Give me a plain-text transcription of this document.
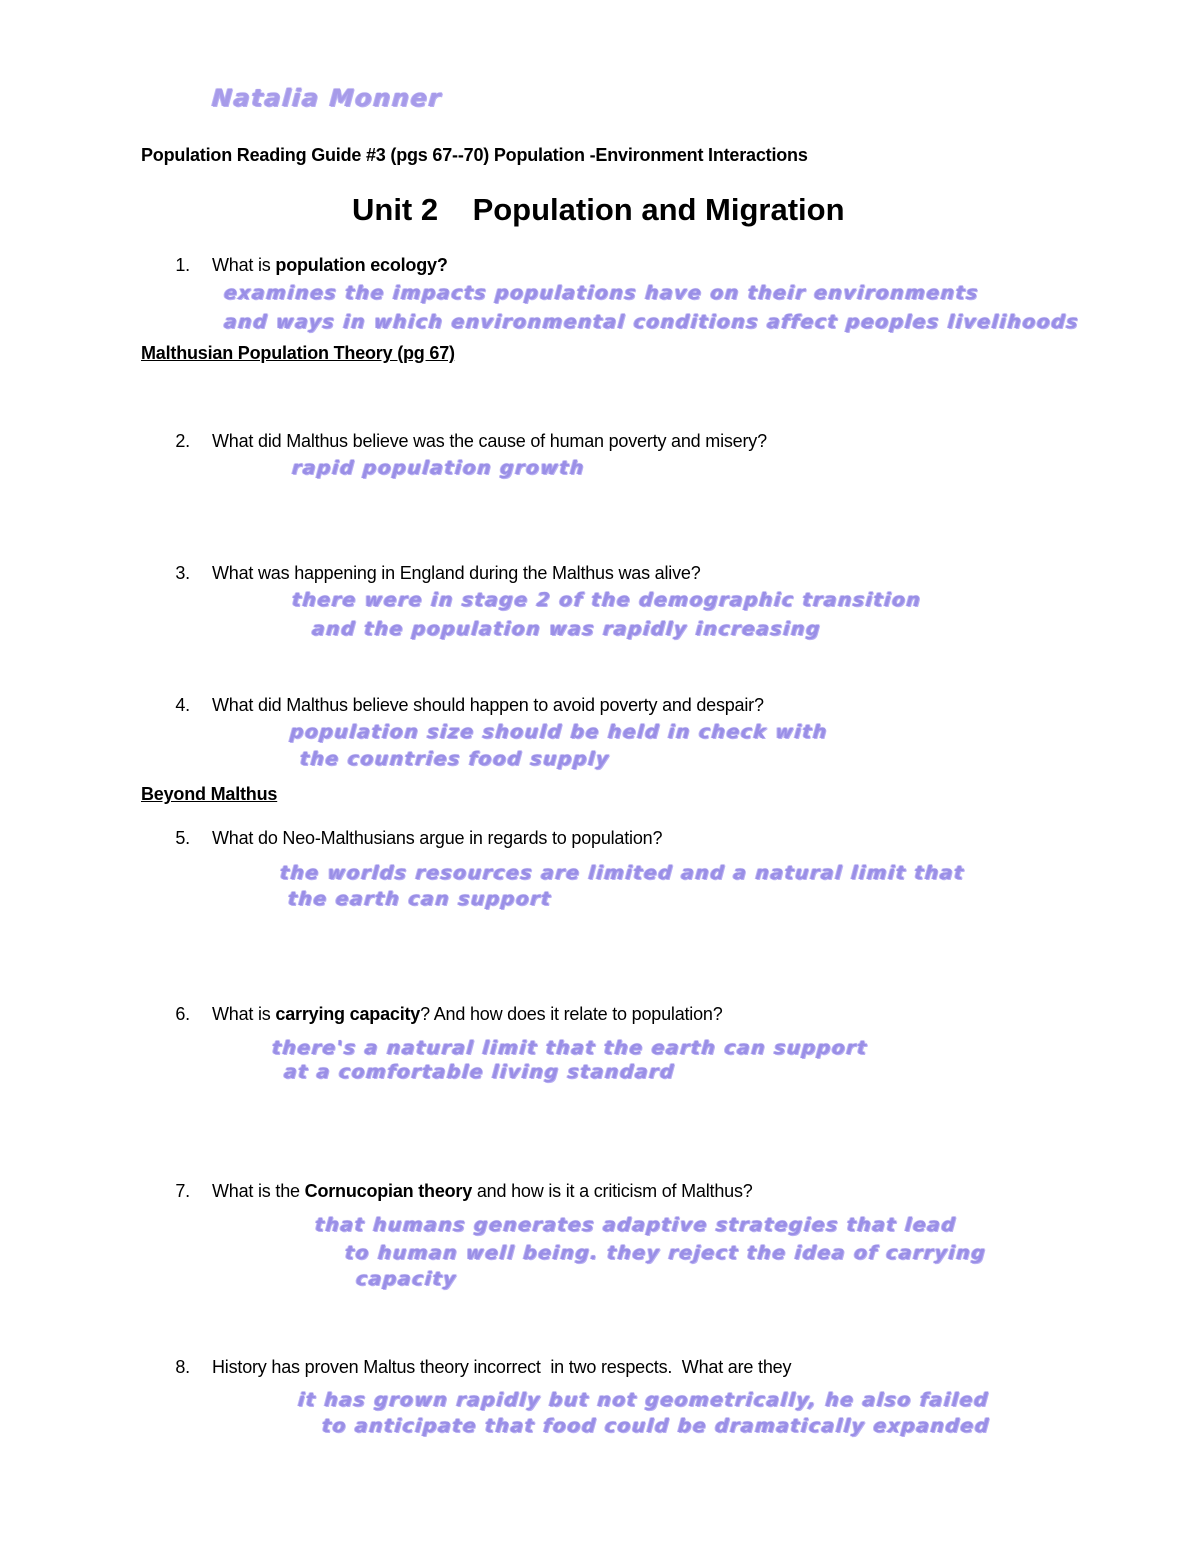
Natalia Monner
Population Reading Guide #3 (pgs 67--70) Population -Environment Interactions
Unit 2    Population and Migration
1. What is population ecology?
examines the impacts populations have on their environments
and ways in which environmental conditions affect peoples livelihoods
Malthusian Population Theory (pg 67)
2. What did Malthus believe was the cause of human poverty and misery?
rapid population growth
3. What was happening in England during the Malthus was alive?
there were in stage 2 of the demographic transition
and the population was rapidly increasing
4. What did Malthus believe should happen to avoid poverty and despair?
population size should be held in check with
the countries food supply
Beyond Malthus
5. What do Neo-Malthusians argue in regards to population?
the worlds resources are limited and a natural limit that
the earth can support
6. What is carrying capacity? And how does it relate to population?
there's a natural limit that the earth can support
at a comfortable living standard
7. What is the Cornucopian theory and how is it a criticism of Malthus?
that humans generates adaptive strategies that lead
to human well being. they reject the idea of carrying
capacity
8. History has proven Maltus theory incorrect  in two respects.  What are they
it has grown rapidly but not geometrically, he also failed
to anticipate that food could be dramatically expanded
